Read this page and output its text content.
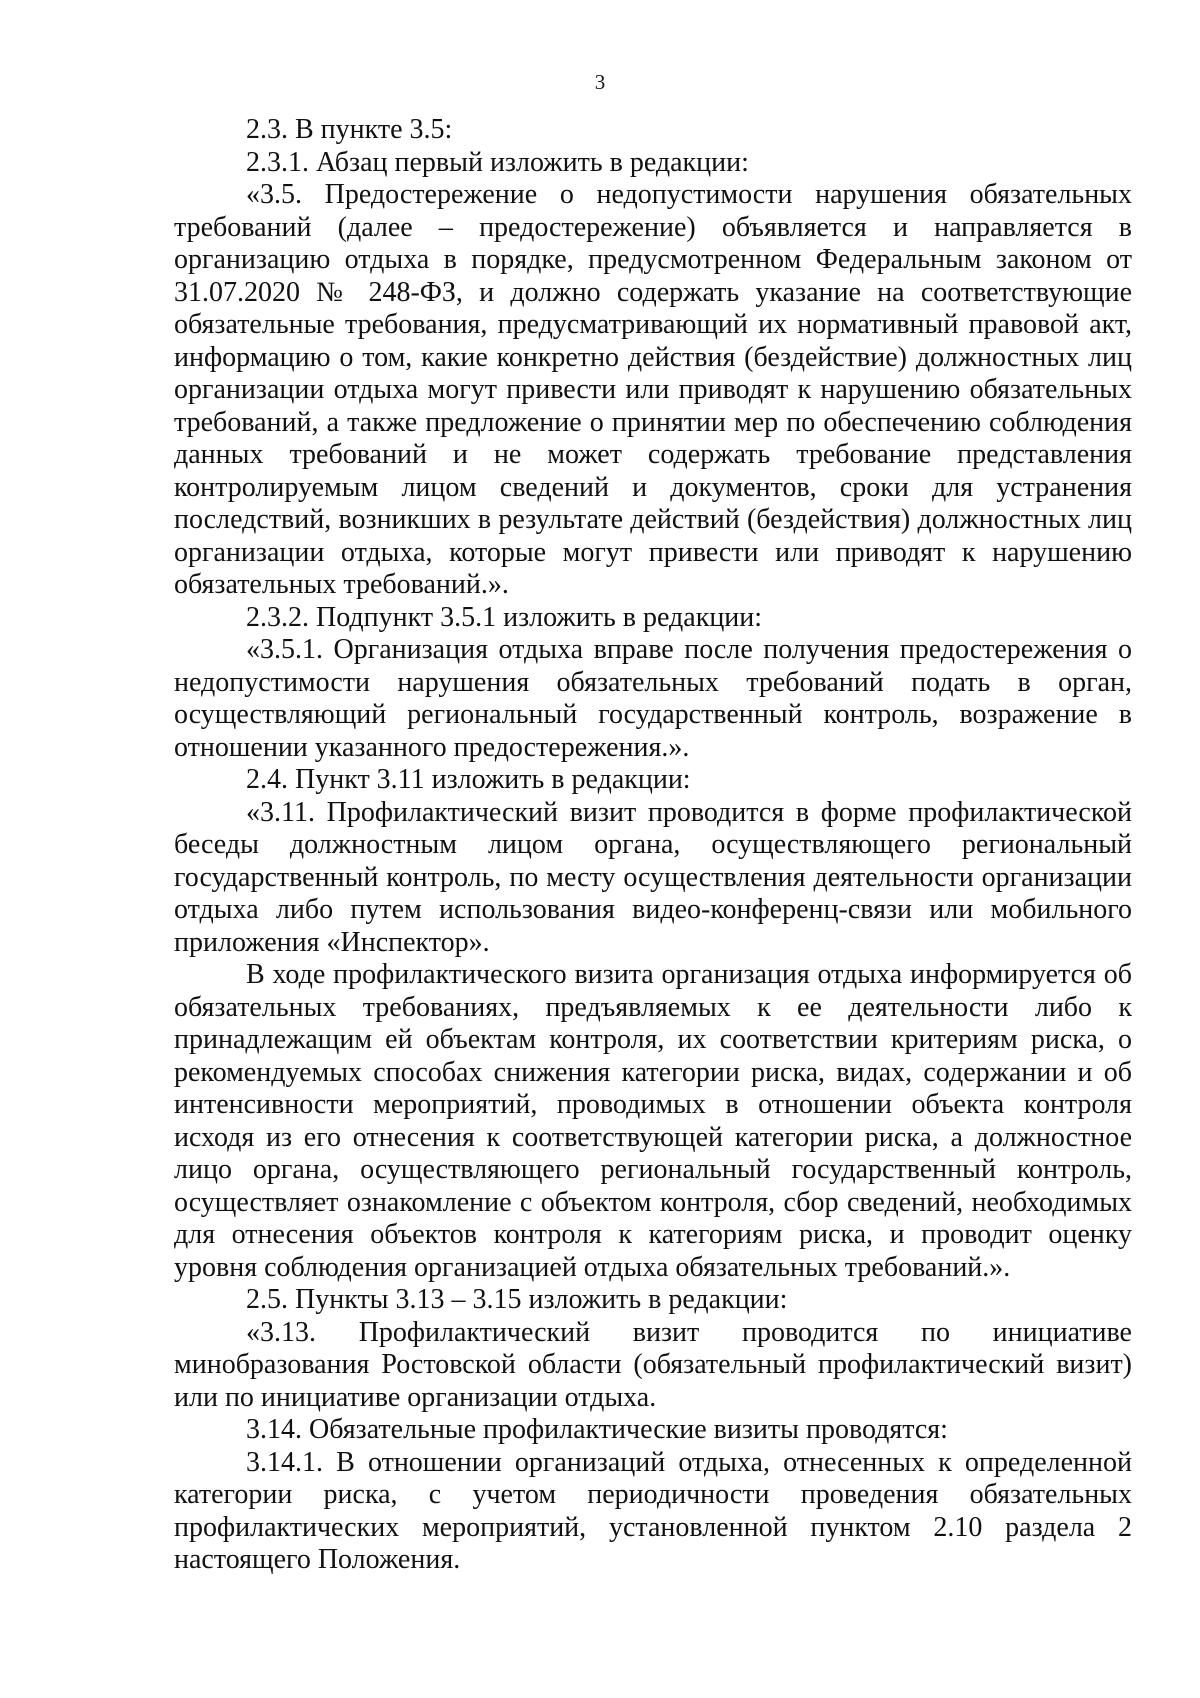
3

2.3. В пункте 3.5:

2.3.1. Абзац первый изложить в редакции:

«3.5. Предостережение о недопустимости нарушения обязательных требований (далее – предостережение) объявляется и направляется в организацию отдыха в порядке, предусмотренном Федеральным законом от 31.07.2020 № 248-ФЗ, и должно содержать указание на соответствующие обязательные требования, предусматривающий их нормативный правовой акт, информацию о том, какие конкретно действия (бездействие) должностных лиц организации отдыха могут привести или приводят к нарушению обязательных требований, а также предложение о принятии мер по обеспечению соблюдения данных требований и не может содержать требование представления контролируемым лицом сведений и документов, сроки для устранения последствий, возникших в результате действий (бездействия) должностных лиц организации отдыха, которые могут привести или приводят к нарушению обязательных требований.».

2.3.2. Подпункт 3.5.1 изложить в редакции:

«3.5.1. Организация отдыха вправе после получения предостережения о недопустимости нарушения обязательных требований подать в орган, осуществляющий региональный государственный контроль, возражение в отношении указанного предостережения.».

2.4. Пункт 3.11 изложить в редакции:

«3.11. Профилактический визит проводится в форме профилактической беседы должностным лицом органа, осуществляющего региональный государственный контроль, по месту осуществления деятельности организации отдыха либо путем использования видео-конференц-связи или мобильного приложения «Инспектор».

В ходе профилактического визита организация отдыха информируется об обязательных требованиях, предъявляемых к ее деятельности либо к принадлежащим ей объектам контроля, их соответствии критериям риска, о рекомендуемых способах снижения категории риска, видах, содержании и об интенсивности мероприятий, проводимых в отношении объекта контроля исходя из его отнесения к соответствующей категории риска, а должностное лицо органа, осуществляющего региональный государственный контроль, осуществляет ознакомление с объектом контроля, сбор сведений, необходимых для отнесения объектов контроля к категориям риска, и проводит оценку уровня соблюдения организацией отдыха обязательных требований.».

2.5. Пункты 3.13 – 3.15 изложить в редакции:

«3.13. Профилактический визит проводится по инициативе минобразования Ростовской области (обязательный профилактический визит) или по инициативе организации отдыха.

3.14. Обязательные профилактические визиты проводятся:

3.14.1. В отношении организаций отдыха, отнесенных к определенной категории риска, с учетом периодичности проведения обязательных профилактических мероприятий, установленной пунктом 2.10 раздела 2 настоящего Положения.
